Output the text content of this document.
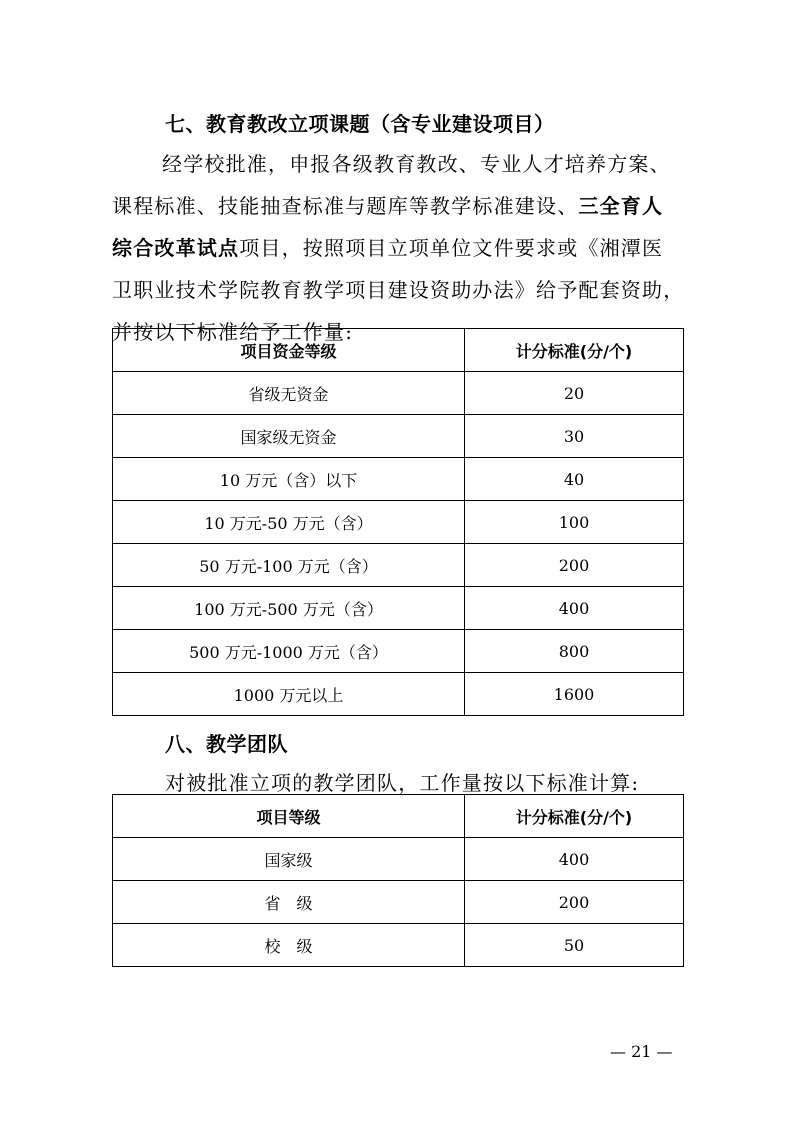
七、教育教改立项课题（含专业建设项目）

经学校批准，申报各级教育教改、专业人才培养方案、
课程标准、技能抽查标准与题库等教学标准建设、三全育人
综合改革试点项目，按照项目立项单位文件要求或《湘潭医
卫职业技术学院教育教学项目建设资助办法》给予配套资助，
并按以下标准给予工作量:

项目资金等级	计分标准(分/个)
省级无资金	20
国家级无资金	30
10 万元（含）以下	40
10 万元-50 万元（含）	100
50 万元-100 万元（含）	200
100 万元-500 万元（含）	400
500 万元-1000 万元（含）	800
1000 万元以上	1600
八、教学团队
对被批准立项的教学团队，工作量按以下标准计算:
项目等级	计分标准(分/个)
国家级	400
省　级	200
校　级	50
— 21 —
